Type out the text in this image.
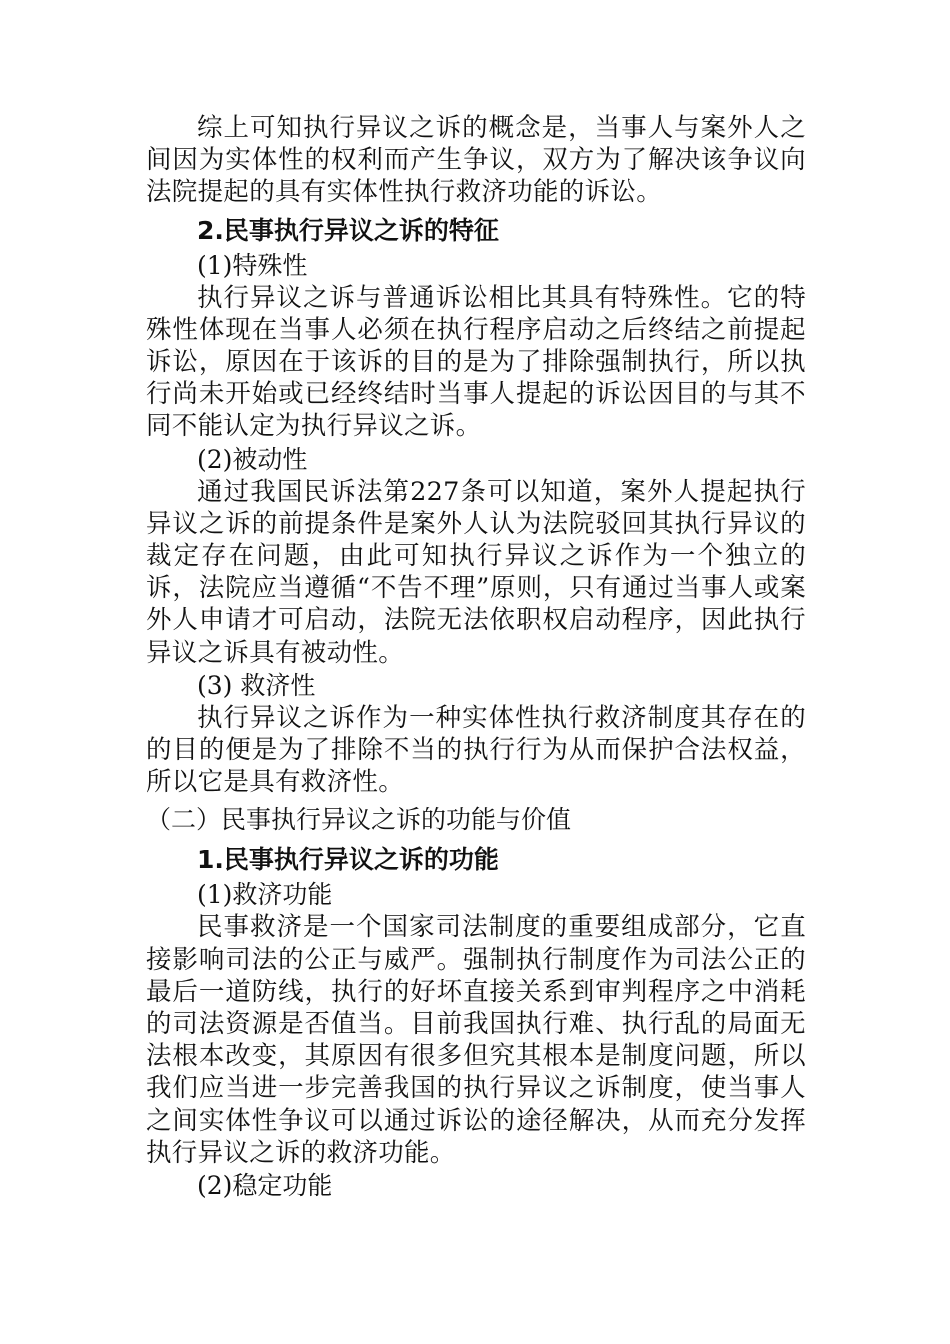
综上可知执行异议之诉的概念是，当事人与案外人之间因为实体性的权利而产生争议，双方为了解决该争议向法院提起的具有实体性执行救济功能的诉讼。

2.民事执行异议之诉的特征
(1)特殊性

执行异议之诉与普通诉讼相比其具有特殊性。它的特殊性体现在当事人必须在执行程序启动之后终结之前提起诉讼，原因在于该诉的目的是为了排除强制执行，所以执行尚未开始或已经终结时当事人提起的诉讼因目的与其不同不能认定为执行异议之诉。

(2)被动性

通过我国民诉法第227条可以知道，案外人提起执行异议之诉的前提条件是案外人认为法院驳回其执行异议的裁定存在问题，由此可知执行异议之诉作为一个独立的诉，法院应当遵循“不告不理”原则，只有通过当事人或案外人申请才可启动，法院无法依职权启动程序，因此执行异议之诉具有被动性。

(3) 救济性

执行异议之诉作为一种实体性执行救济制度其存在的的目的便是为了排除不当的执行行为从而保护合法权益，所以它是具有救济性。

（二）民事执行异议之诉的功能与价值
1.民事执行异议之诉的功能
(1)救济功能

民事救济是一个国家司法制度的重要组成部分，它直接影响司法的公正与威严。强制执行制度作为司法公正的最后一道防线，执行的好坏直接关系到审判程序之中消耗的司法资源是否值当。目前我国执行难、执行乱的局面无法根本改变，其原因有很多但究其根本是制度问题，所以我们应当进一步完善我国的执行异议之诉制度，使当事人之间实体性争议可以通过诉讼的途径解决，从而充分发挥执行异议之诉的救济功能。

(2)稳定功能
